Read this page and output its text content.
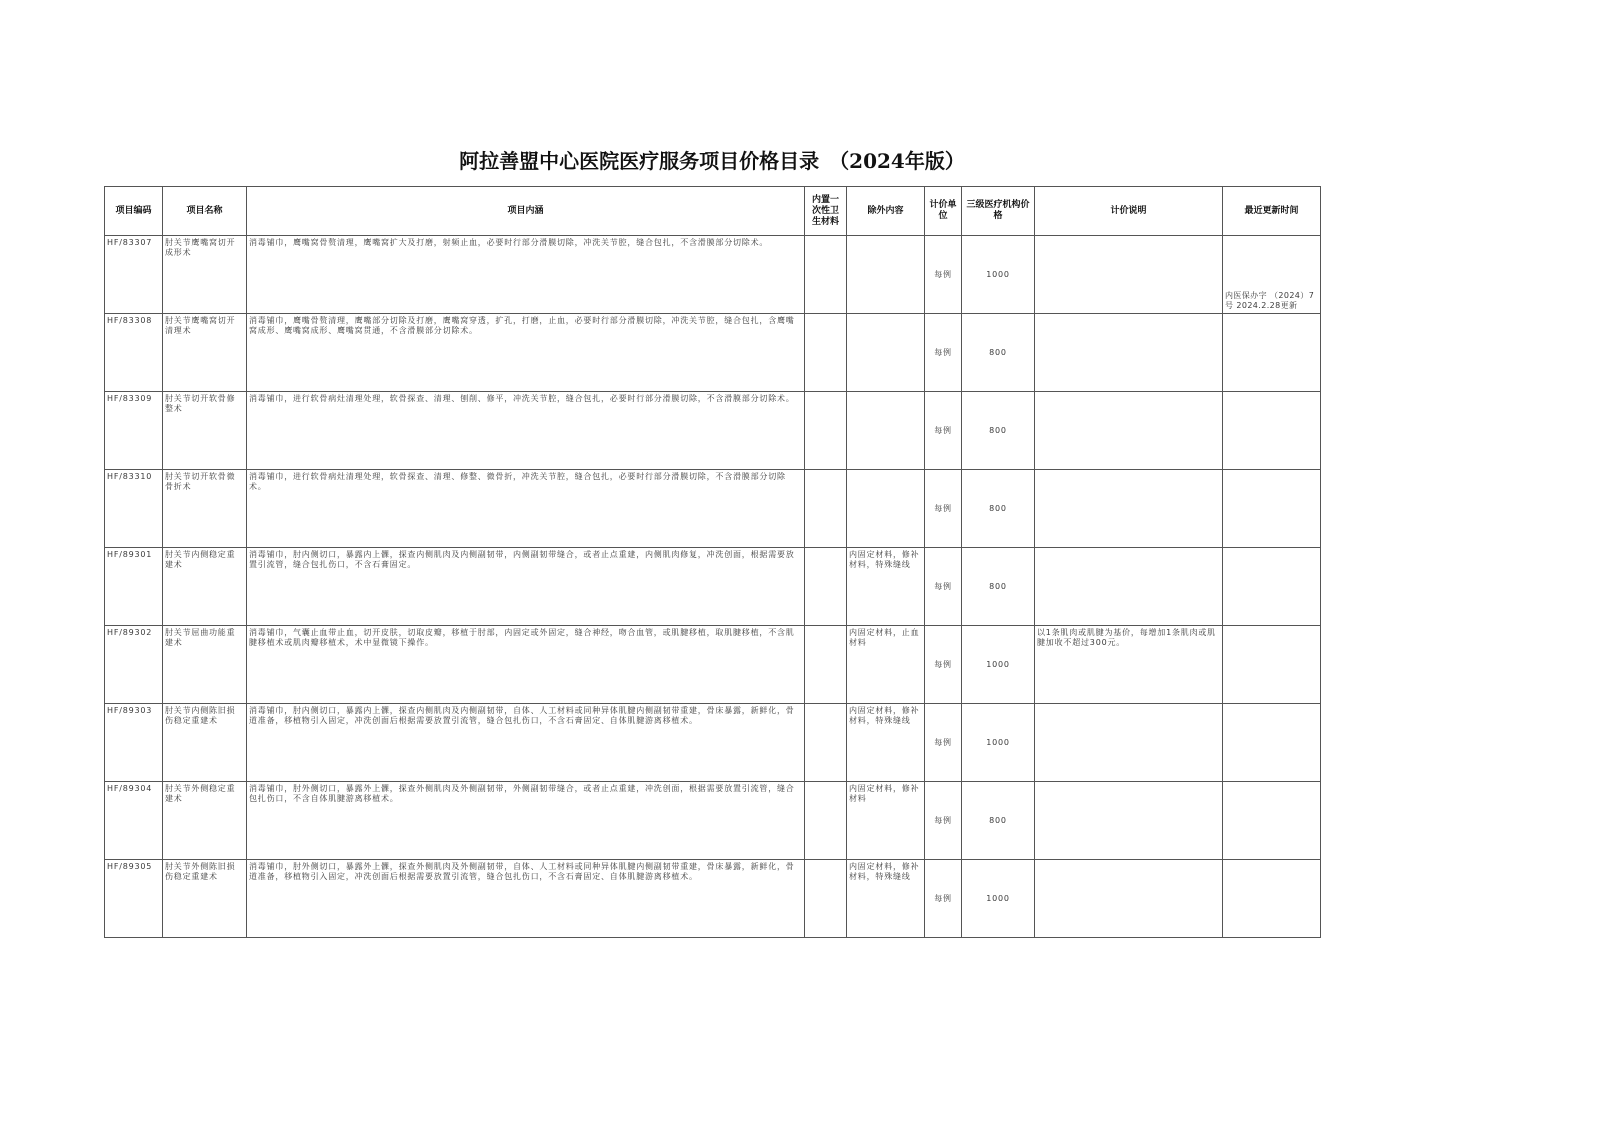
阿拉善盟中心医院医疗服务项目价格目录　（2024年版）
项目编码	项目名称	项目内涵	内置一次性卫生材料	除外内容	计价单位	三级医疗机构价格	计价说明	最近更新时间
HF/83307	肘关节鹰嘴窝切开成形术	消毒铺巾，鹰嘴窝骨赘清理，鹰嘴窝扩大及打磨，射频止血，必要时行部分滑膜切除，冲洗关节腔，缝合包扎，不含滑膜部分切除术。			每例	1000		内医保办字 （2024）7号 2024.2.28更新
HF/83308	肘关节鹰嘴窝切开清理术	消毒铺巾，鹰嘴骨赘清理，鹰嘴部分切除及打磨，鹰嘴窝穿透，扩孔，打磨，止血，必要时行部分滑膜切除，冲洗关节腔，缝合包扎，含鹰嘴窝成形、鹰嘴窝成形、鹰嘴窝贯通，不含滑膜部分切除术。			每例	800		
HF/83309	肘关节切开软骨修整术	消毒铺巾，进行软骨病灶清理处理，软骨探查、清理、刨削、修平，冲洗关节腔，缝合包扎，必要时行部分滑膜切除，不含滑膜部分切除术。			每例	800		
HF/83310	肘关节切开软骨微骨折术	消毒铺巾，进行软骨病灶清理处理，软骨探查、清理、修整、微骨折，冲洗关节腔，缝合包扎，必要时行部分滑膜切除，不含滑膜部分切除术。			每例	800		
HF/89301	肘关节内侧稳定重建术	消毒铺巾，肘内侧切口，暴露内上髁，探查内侧肌肉及内侧副韧带，内侧副韧带缝合，或者止点重建，内侧肌肉修复，冲洗创面，根据需要放置引流管，缝合包扎伤口，不含石膏固定。		内固定材料，修补材料，特殊缝线	每例	800		
HF/89302	肘关节屈曲功能重建术	消毒铺巾，气囊止血带止血，切开皮肤，切取皮瓣，移植于肘部，内固定或外固定，缝合神经，吻合血管，或肌腱移植，取肌腱移植，不含肌腱移植术或肌肉瓣移植术，术中显微镜下操作。		内固定材料，止血材料	每例	1000	以1条肌肉或肌腱为基价，每增加1条肌肉或肌腱加收不超过300元。	
HF/89303	肘关节内侧陈旧损伤稳定重建术	消毒铺巾，肘内侧切口，暴露内上髁，探查内侧肌肉及内侧副韧带，自体、人工材料或同种异体肌腱内侧副韧带重建，骨床暴露，新鲜化，骨道准备，移植物引入固定，冲洗创面后根据需要放置引流管，缝合包扎伤口，不含石膏固定、自体肌腱游离移植术。		内固定材料，修补材料，特殊缝线	每例	1000		
HF/89304	肘关节外侧稳定重建术	消毒铺巾，肘外侧切口，暴露外上髁，探查外侧肌肉及外侧副韧带，外侧副韧带缝合，或者止点重建，冲洗创面，根据需要放置引流管，缝合包扎伤口，不含自体肌腱游离移植术。		内固定材料，修补材料	每例	800		
HF/89305	肘关节外侧陈旧损伤稳定重建术	消毒铺巾，肘外侧切口，暴露外上髁，探查外侧肌肉及外侧副韧带，自体、人工材料或同种异体肌腱内侧副韧带重建，骨床暴露，新鲜化，骨道准备，移植物引入固定，冲洗创面后根据需要放置引流管，缝合包扎伤口，不含石膏固定、自体肌腱游离移植术。		内固定材料，修补材料，特殊缝线	每例	1000		
